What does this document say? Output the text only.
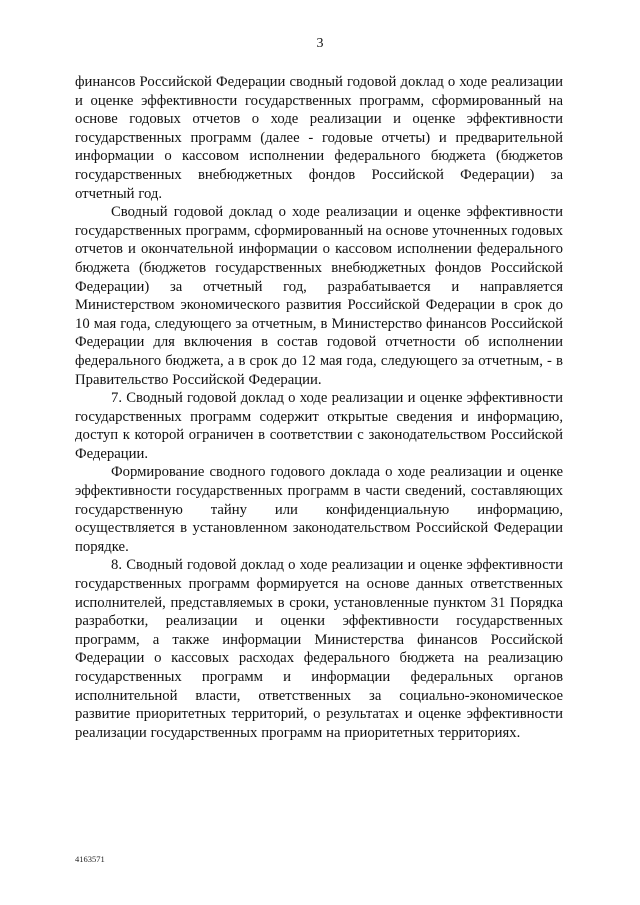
3

финансов Российской Федерации сводный годовой доклад о ходе реализации и оценке эффективности государственных программ, сформированный на основе годовых отчетов о ходе реализации и оценке эффективности государственных программ (далее - годовые отчеты) и предварительной информации о кассовом исполнении федерального бюджета (бюджетов государственных внебюджетных фондов Российской Федерации) за отчетный год.

Сводный годовой доклад о ходе реализации и оценке эффективности государственных программ, сформированный на основе уточненных годовых отчетов и окончательной информации о кассовом исполнении федерального бюджета (бюджетов государственных внебюджетных фондов Российской Федерации) за отчетный год, разрабатывается и направляется Министерством экономического развития Российской Федерации в срок до 10 мая года, следующего за отчетным, в Министерство финансов Российской Федерации для включения в состав годовой отчетности об исполнении федерального бюджета, а в срок до 12 мая года, следующего за отчетным, - в Правительство Российской Федерации.

7. Сводный годовой доклад о ходе реализации и оценке эффективности государственных программ содержит открытые сведения и информацию, доступ к которой ограничен в соответствии с законодательством Российской Федерации.

Формирование сводного годового доклада о ходе реализации и оценке эффективности государственных программ в части сведений, составляющих государственную тайну или конфиденциальную информацию, осуществляется в установленном законодательством Российской Федерации порядке.

8. Сводный годовой доклад о ходе реализации и оценке эффективности государственных программ формируется на основе данных ответственных исполнителей, представляемых в сроки, установленные пунктом 31 Порядка разработки, реализации и оценки эффективности государственных программ, а также информации Министерства финансов Российской Федерации о кассовых расходах федерального бюджета на реализацию государственных программ и информации федеральных органов исполнительной власти, ответственных за социально-экономическое развитие приоритетных территорий, о результатах и оценке эффективности реализации государственных программ на приоритетных территориях.

4163571
